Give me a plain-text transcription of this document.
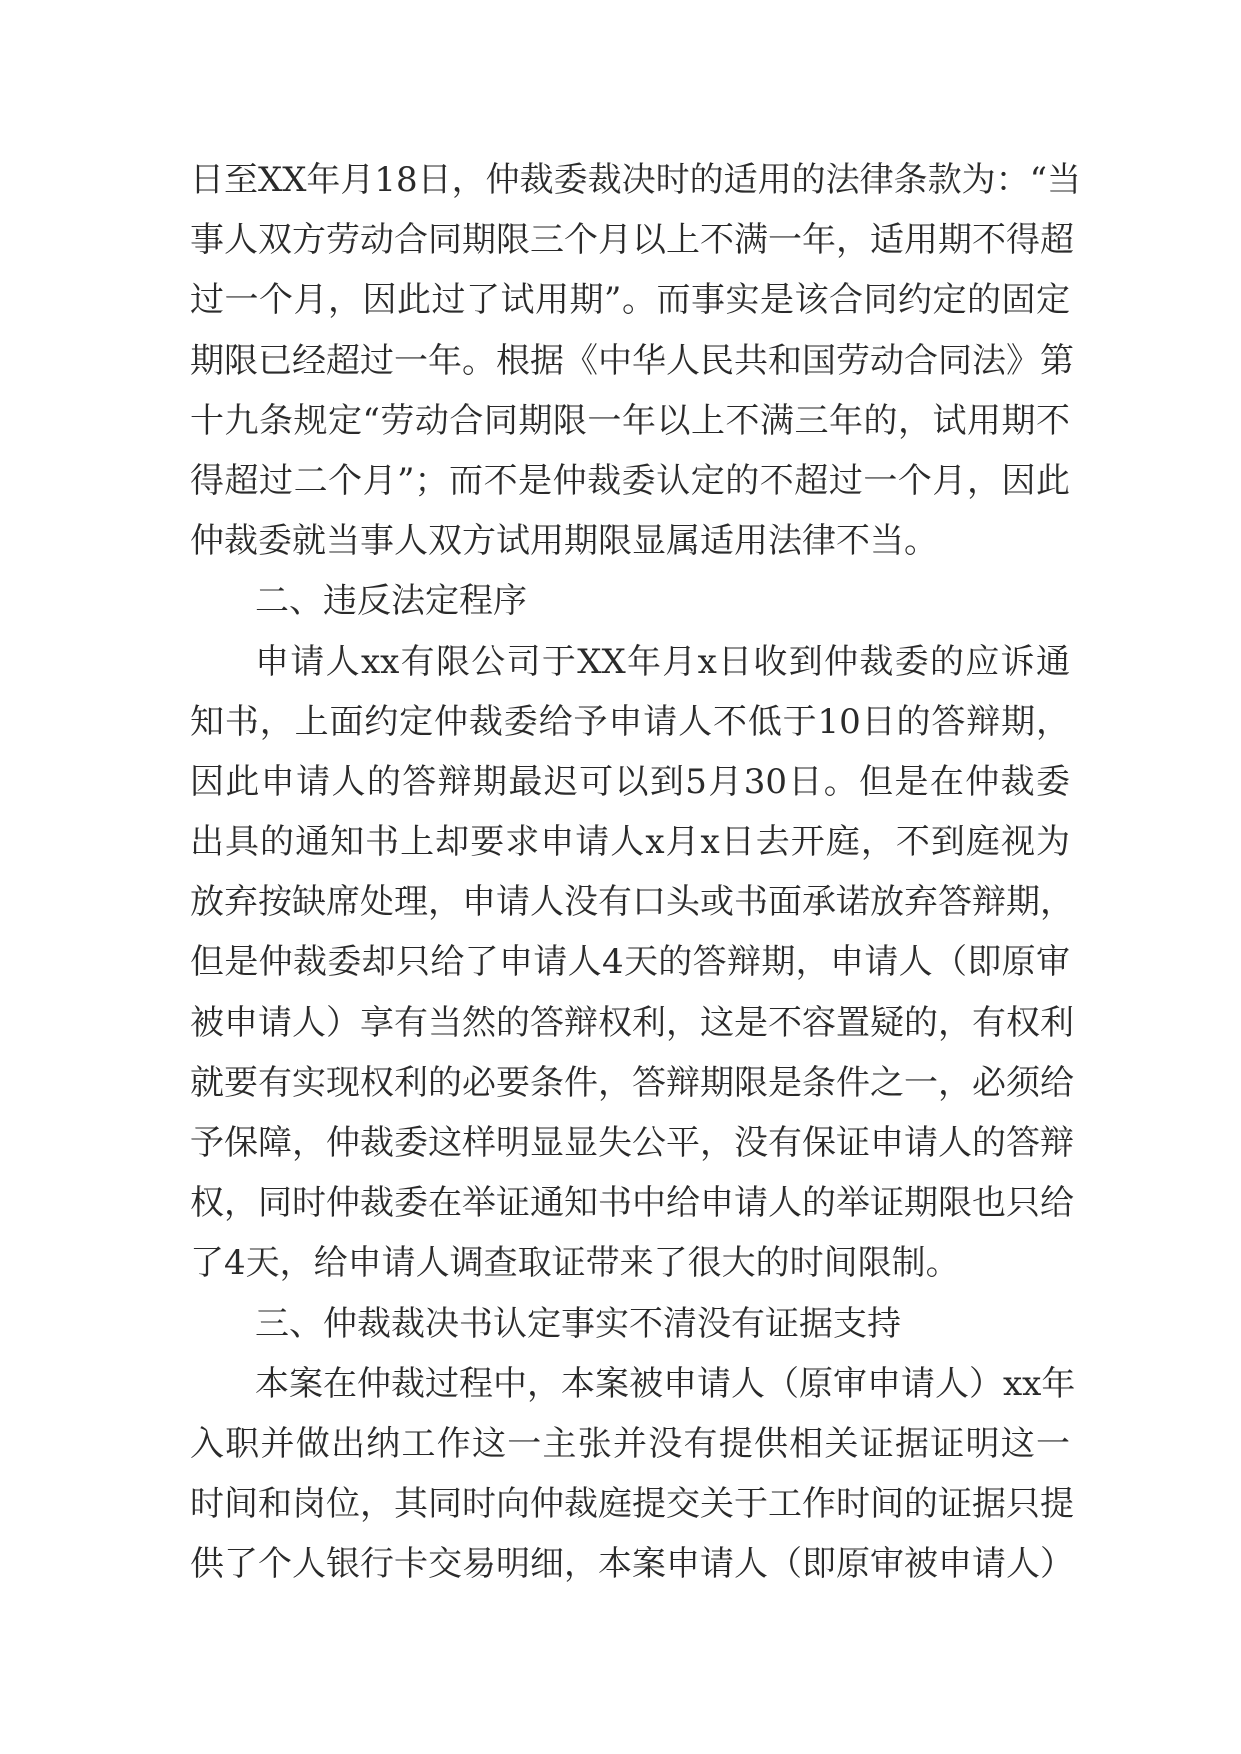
日至XX年月18日，仲裁委裁决时的适用的法律条款为：“当
事人双方劳动合同期限三个月以上不满一年，适用期不得超
过一个月，因此过了试用期”。而事实是该合同约定的固定
期限已经超过一年。根据《中华人民共和国劳动合同法》第
十九条规定“劳动合同期限一年以上不满三年的，试用期不
得超过二个月”；而不是仲裁委认定的不超过一个月，因此
仲裁委就当事人双方试用期限显属适用法律不当。
二、违反法定程序
申请人xx有限公司于XX年月x日收到仲裁委的应诉通
知书，上面约定仲裁委给予申请人不低于10日的答辩期，
因此申请人的答辩期最迟可以到5月30日。但是在仲裁委
出具的通知书上却要求申请人x月x日去开庭，不到庭视为
放弃按缺席处理，申请人没有口头或书面承诺放弃答辩期，
但是仲裁委却只给了申请人4天的答辩期，申请人（即原审
被申请人）享有当然的答辩权利，这是不容置疑的，有权利
就要有实现权利的必要条件，答辩期限是条件之一，必须给
予保障，仲裁委这样明显显失公平，没有保证申请人的答辩
权，同时仲裁委在举证通知书中给申请人的举证期限也只给
了4天，给申请人调查取证带来了很大的时间限制。
三、仲裁裁决书认定事实不清没有证据支持
本案在仲裁过程中，本案被申请人（原审申请人）xx年
入职并做出纳工作这一主张并没有提供相关证据证明这一
时间和岗位，其同时向仲裁庭提交关于工作时间的证据只提
供了个人银行卡交易明细，本案申请人（即原审被申请人）
